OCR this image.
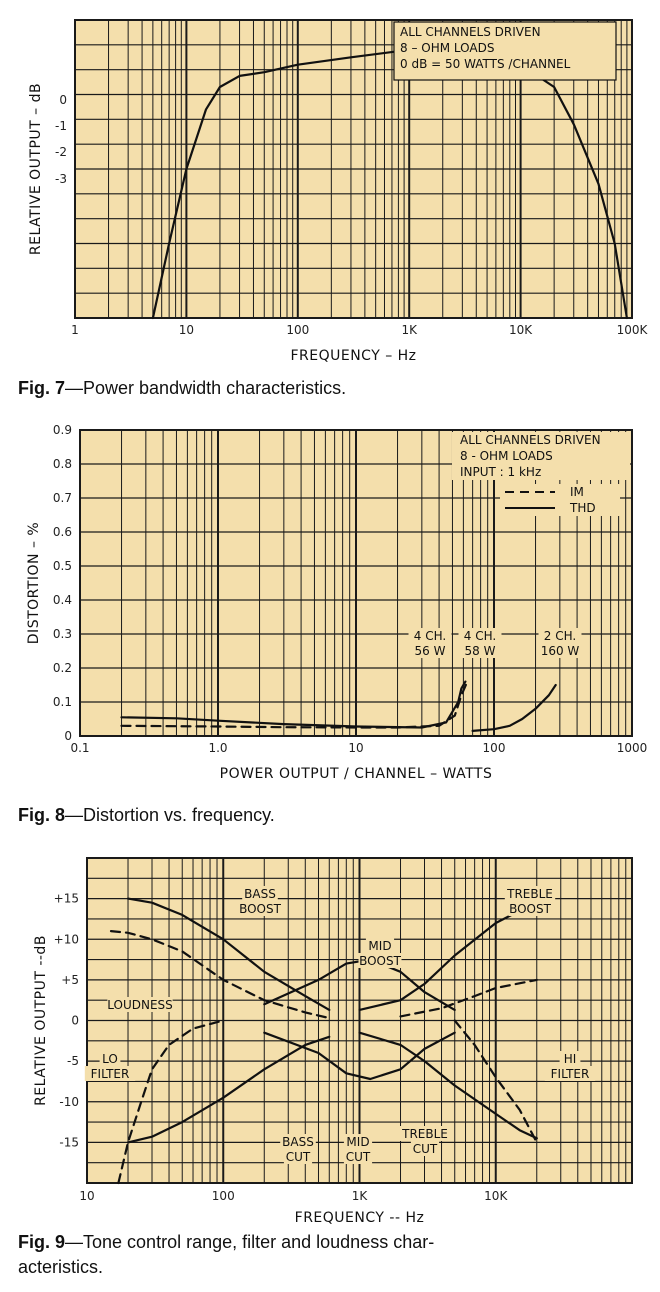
1	10	100	1K	10K	100K
0
-1
-2
-3
FREQUENCY – Hz
RELATIVE OUTPUT – dB
ALL CHANNELS DRIVEN
8 – OHM LOADS
0 dB = 50 WATTS /CHANNEL
0.1	1.0	10	100	1000
0
0.1
0.2
0.3
0.4
0.5
0.6
0.7
0.8
0.9
POWER OUTPUT / CHANNEL – WATTS
DISTORTION – %
ALL CHANNELS DRIVEN
8 - OHM LOADS
INPUT : 1 kHz
IM
THD
4 CH.
56 W
4 CH.
58 W
2 CH.
160 W
10	100	1K	10K
+15
+10
+5
0
-5
-10
-15
FREQUENCY -- Hz
RELATIVE OUTPUT --dB
BASS
BOOST
MID
BOOST
TREBLE
BOOST
LOUDNESS
LO
FILTER
HI
FILTER
BASS
CUT
MID
CUT
TREBLE
CUT
Fig. 7—Power bandwidth characteristics.
Fig. 8—Distortion vs. frequency.
Fig. 9—Tone control range, filter and loudness char-
acteristics.
